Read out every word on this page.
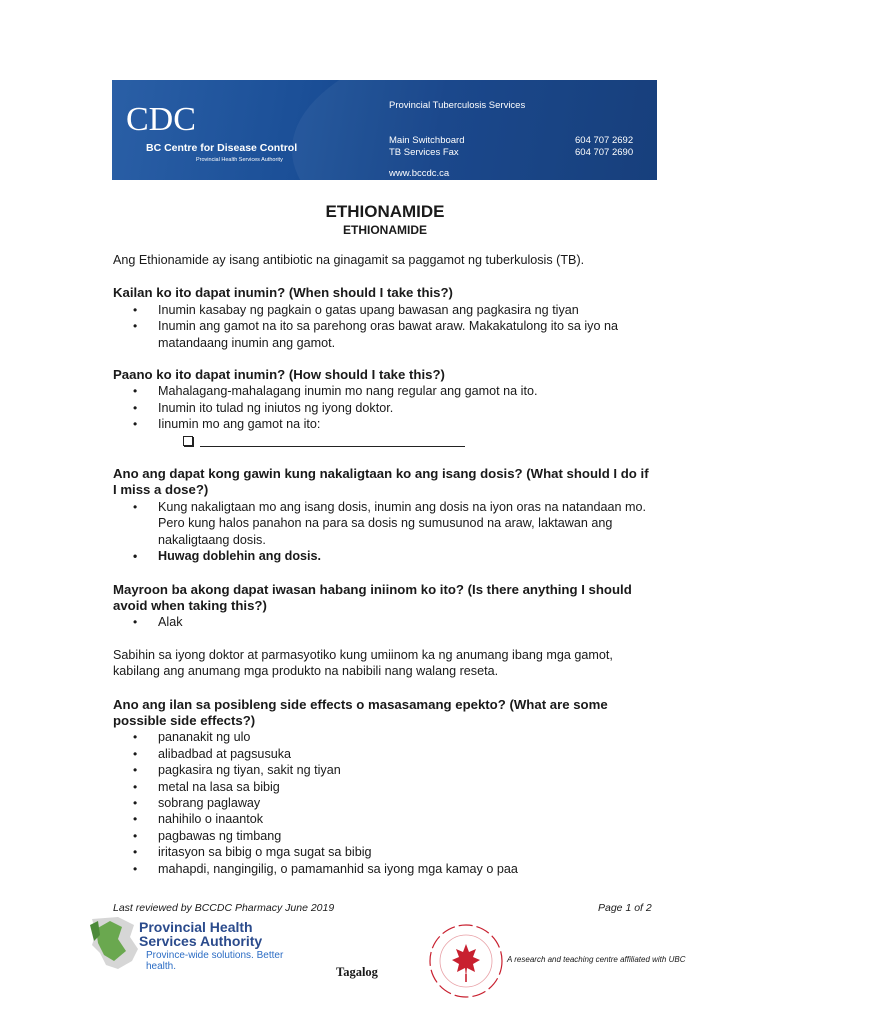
CDC
BC Centre for Disease Control
Provincial Health Services Authority
Provincial Tuberculosis Services
Main Switchboard
TB Services Fax
www.bccdc.ca
604 707 2692
604 707 2690
ETHIONAMIDE
ETHIONAMIDE

Ang Ethionamide ay isang antibiotic na ginagamit sa paggamot ng tuberkulosis (TB).

Kailan ko ito dapat inumin? (When should I take this?)
• Inumin kasabay ng pagkain o gatas upang bawasan ang pagkasira ng tiyan
• Inumin ang gamot na ito sa parehong oras bawat araw. Makakatulong ito sa iyo na matandaang inumin ang gamot.
Paano ko ito dapat inumin? (How should I take this?)
• Mahalagang-mahalagang inumin mo nang regular ang gamot na ito.
• Inumin ito tulad ng iniutos ng iyong doktor.
• Iinumin mo ang gamot na ito:
Ano ang dapat kong gawin kung nakaligtaan ko ang isang dosis? (What should I do if I miss a dose?)
• Kung nakaligtaan mo ang isang dosis, inumin ang dosis na iyon oras na natandaan mo. Pero kung halos panahon na para sa dosis ng sumusunod na araw, laktawan ang nakaligtaang dosis.
• Huwag doblehin ang dosis.
Mayroon ba akong dapat iwasan habang iniinom ko ito? (Is there anything I should avoid when taking this?)
• Alak

Sabihin sa iyong doktor at parmasyotiko kung umiinom ka ng anumang ibang mga gamot, kabilang ang anumang mga produkto na nabibili nang walang reseta.

Ano ang ilan sa posibleng side effects o masasamang epekto? (What are some possible side effects?)
• pananakit ng ulo
• alibadbad at pagsusuka
• pagkasira ng tiyan, sakit ng tiyan
• metal na lasa sa bibig
• sobrang paglaway
• nahihilo o inaantok
• pagbawas ng timbang
• iritasyon sa bibig o mga sugat sa bibig
• mahapdi, nangingilig, o pamamanhid sa iyong mga kamay o paa
Last reviewed by BCCDC Pharmacy June 2019	Page 1 of 2
Provincial Health Services Authority
Province-wide solutions. Better health.	Tagalog
A research and teaching centre affiliated with UBC
